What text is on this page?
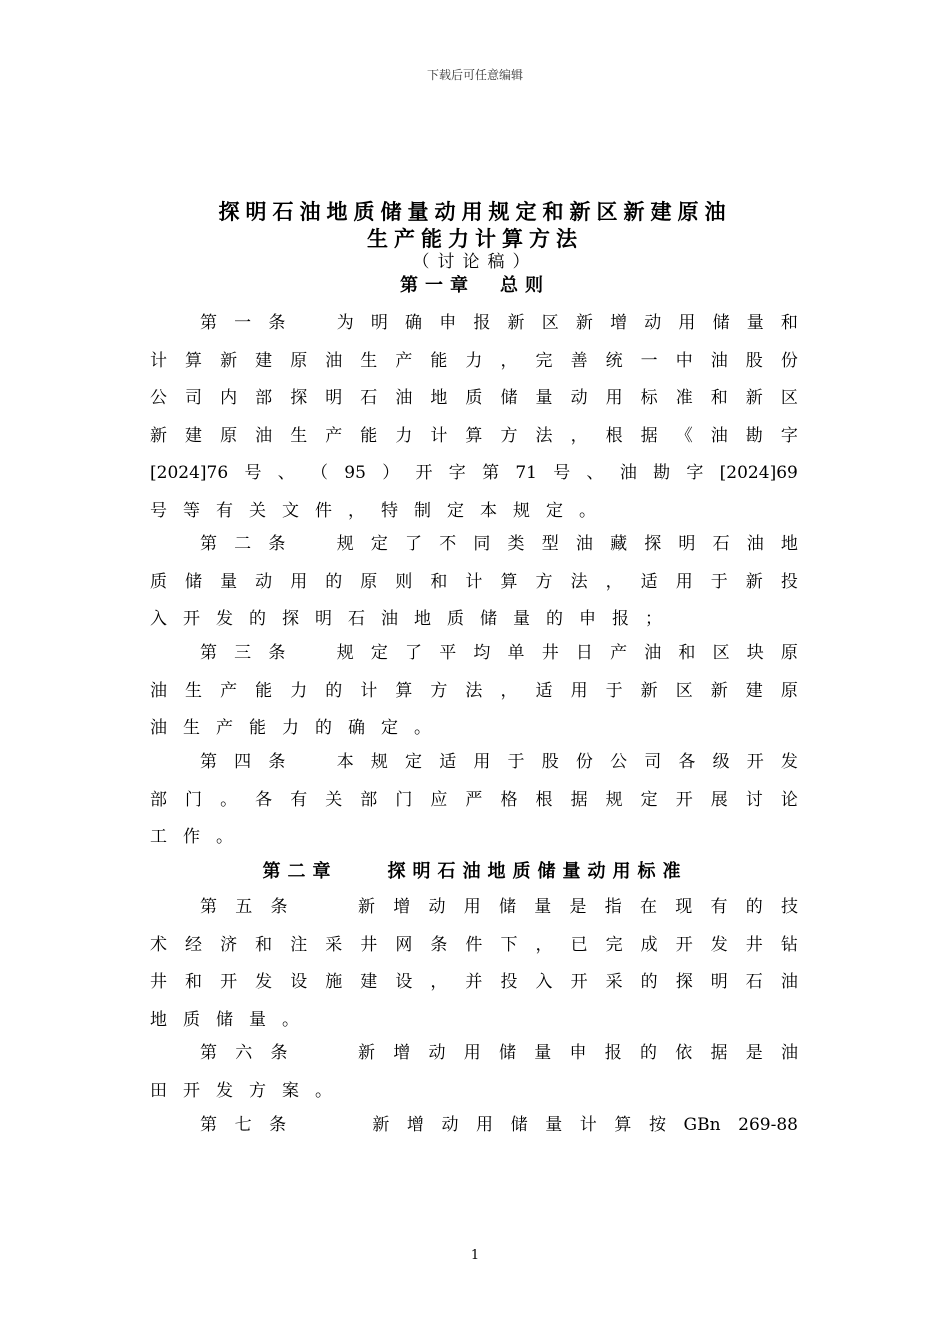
下载后可任意编辑
探明石油地质储量动用规定和新区新建原油
生产能力计算方法
（讨论稿）
第一章　总则
第二章　　探明石油地质储量动用标准
第 一 条
　	为 明 确 申 报 新 区 新 增 动 用 储 量 和
计 算 新 建 原 油 生 产 能 力 ， 完 善 统 一 中 油 股 份
公 司 内 部 探 明 石 油 地 质 储 量 动 用 标 准 和 新 区
新 建 原 油 生 产 能 力 计 算 方 法 ， 根 据 《 油 勘 字
[2024]76 号 、 （ 95 ） 开 字 第 71 号 、 油 勘 字 [2024]69
号 等 有 关 文 件 ， 特 制 定 本 规 定 。
第 二 条
　	规 定 了 不 同 类 型 油 藏 探 明 石 油 地
质 储 量 动 用 的 原 则 和 计 算 方 法 ， 适 用 于 新 投
入 开 发 的 探 明 石 油 地 质 储 量 的 申 报 ；
第 三 条
　	规 定 了 平 均 单 井 日 产 油 和 区 块 原
油 生 产 能 力 的 计 算 方 法 ， 适 用 于 新 区 新 建 原
油 生 产 能 力 的 确 定 。
第 四 条
　	本 规 定 适 用 于 股 份 公 司 各 级 开 发
部 门 。 各 有 关 部 门 应 严 格 根 据 规 定 开 展 讨 论
工 作 。
第 五 条
　　	新 增 动 用 储 量 是 指 在 现 有 的 技
术 经 济 和 注 采 井 网 条 件 下 ， 已 完 成 开 发 井 钻
井 和 开 发 设 施 建 设 ， 并 投 入 开 采 的 探 明 石 油
地 质 储 量 。
第 六 条
　　	新 增 动 用 储 量 申 报 的 依 据 是 油
田 开 发 方 案 。
第 七 条
　　　	新 增 动 用 储 量 计 算 按 GBn 269-88
1
